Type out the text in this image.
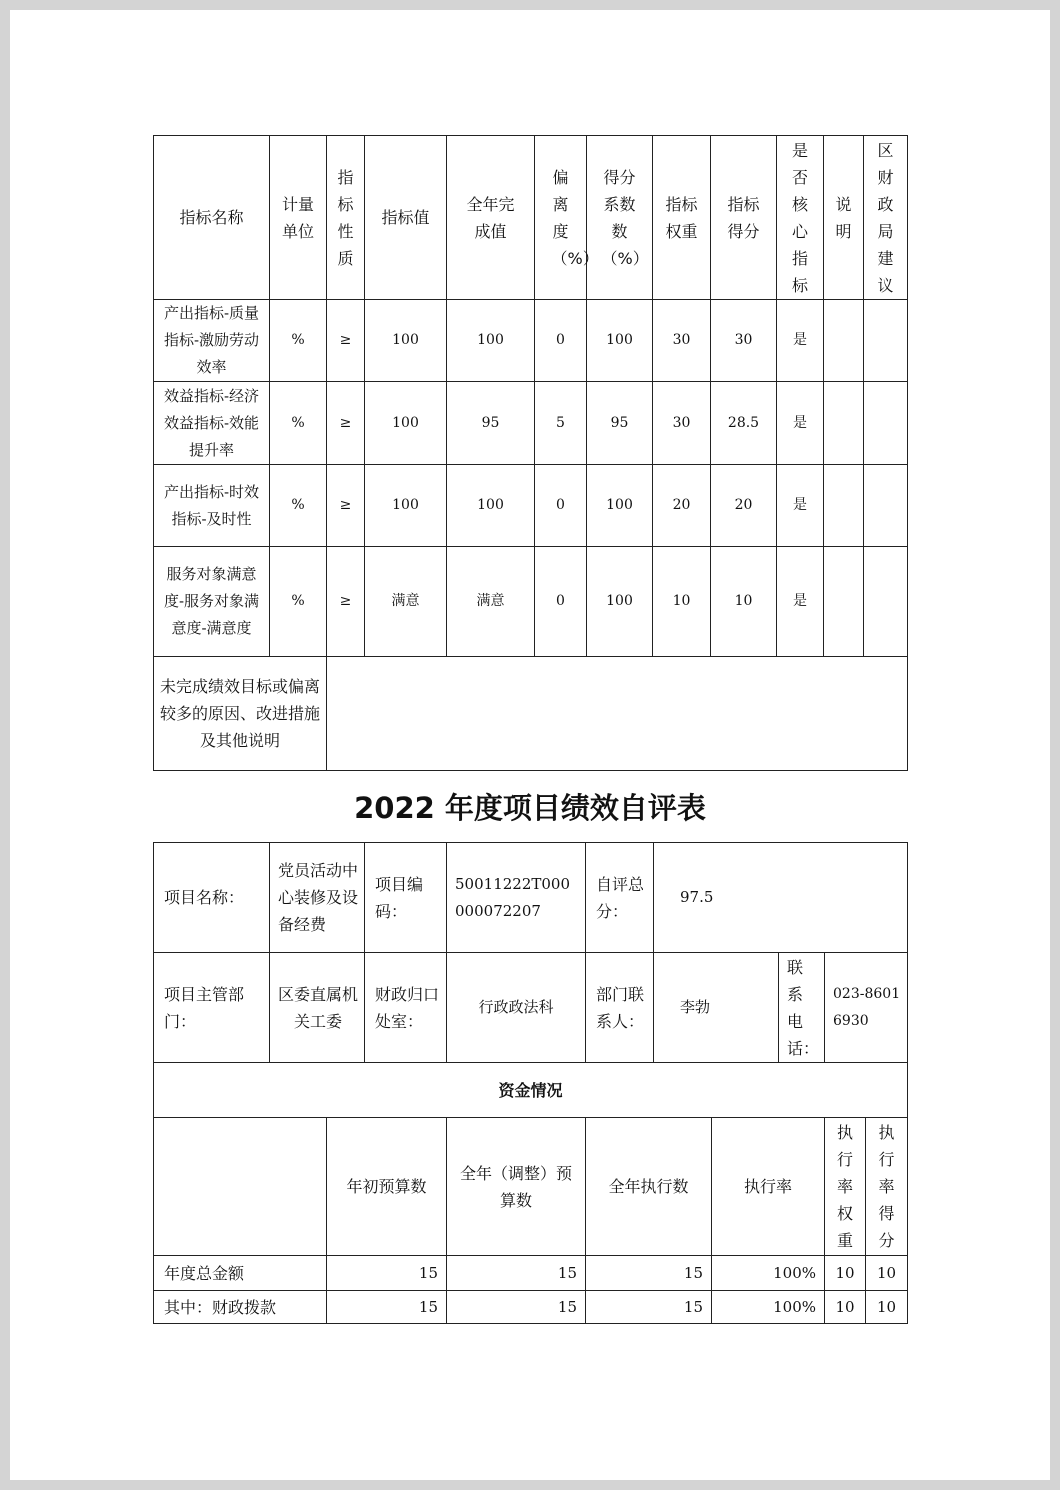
指标名称	计量单位	指标性质	指标值	全年完成值	偏离度（%）	得分系数数（%）	指标权重	指标得分	是否核心指标	说明	区财政局建议
产出指标-质量指标-激励劳动效率	%	≥	100	100	0	100	30	30	是		
效益指标-经济效益指标-效能提升率	%	≥	100	95	5	95	30	28.5	是		
产出指标-时效指标-及时性	%	≥	100	100	0	100	20	20	是		
服务对象满意度-服务对象满意度-满意度	%	≥	满意	满意	0	100	10	10	是		
未完成绩效目标或偏离较多的原因、改进措施及其他说明											
2022 年度项目绩效自评表
项目名称：	党员活动中心装修及设备经费		项目编码：	50011222T000000072207	自评总分：	97.5				
项目主管部门：	区委直属机关工委		财政归口处室：	行政政法科	部门联系人：	李勃		联系电话：	023-86016930	
资金情况										
		年初预算数		全年（调整）预算数	全年执行数		执行率		执行率权重	执行率得分
年度总金额		15		15	15		100%		10	10
其中：财政拨款		15		15	15		100%		10	10
